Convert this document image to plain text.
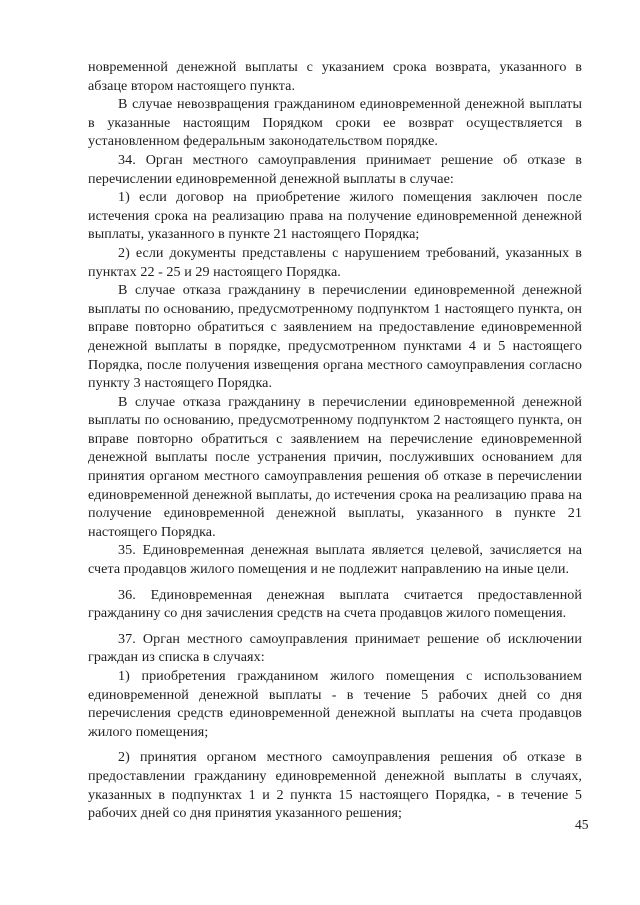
новременной денежной выплаты с указанием срока возврата, указанного в абзаце втором настоящего пункта.

В случае невозвращения гражданином единовременной денежной выплаты в указанные настоящим Порядком сроки ее возврат осуществляется в установленном федеральным законодательством порядке.

34. Орган местного самоуправления принимает решение об отказе в перечислении единовременной денежной выплаты в случае:

1) если договор на приобретение жилого помещения заключен после истечения срока на реализацию права на получение единовременной денежной выплаты, указанного в пункте 21 настоящего Порядка;

2) если документы представлены с нарушением требований, указанных в пунктах 22 - 25 и 29 настоящего Порядка.

В случае отказа гражданину в перечислении единовременной денежной выплаты по основанию, предусмотренному подпунктом 1 настоящего пункта, он вправе повторно обратиться с заявлением на предоставление единовременной денежной выплаты в порядке, предусмотренном пунктами 4 и 5 настоящего Порядка, после получения извещения органа местного самоуправления согласно пункту 3 настоящего Порядка.

В случае отказа гражданину в перечислении единовременной денежной выплаты по основанию, предусмотренному подпунктом 2 настоящего пункта, он вправе повторно обратиться с заявлением на перечисление единовременной денежной выплаты после устранения причин, послуживших основанием для принятия органом местного самоуправления решения об отказе в перечислении единовременной денежной выплаты, до истечения срока на реализацию права на получение единовременной денежной выплаты, указанного в пункте 21 настоящего Порядка.

35. Единовременная денежная выплата является целевой, зачисляется на счета продавцов жилого помещения и не подлежит направлению на иные цели.

36. Единовременная денежная выплата считается предоставленной гражданину со дня зачисления средств на счета продавцов жилого помещения.

37. Орган местного самоуправления принимает решение об исключении граждан из списка в случаях:

1) приобретения гражданином жилого помещения с использованием единовременной денежной выплаты - в течение 5 рабочих дней со дня перечисления средств единовременной денежной выплаты на счета продавцов жилого помещения;

2) принятия органом местного самоуправления решения об отказе в предоставлении гражданину единовременной денежной выплаты в случаях, указанных в подпунктах 1 и 2 пункта 15 настоящего Порядка, - в течение 5 рабочих дней со дня принятия указанного решения;

45
